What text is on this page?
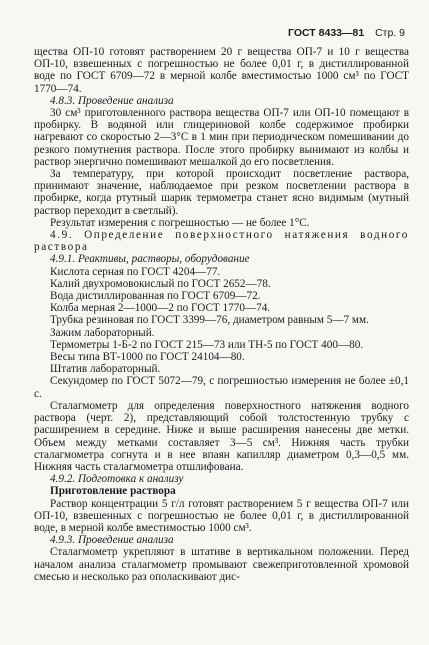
ГОСТ 8433—81 Стр. 9

щества ОП-10 готовят растворением 20 г вещества ОП-7 и 10 г вещества ОП-10, взвешенных с погрешностью не более 0,01 г, в дистиллированной воде по ГОСТ 6709—72 в мерной колбе вместимостью 1000 см³ по ГОСТ 1770—74.

4.8.3. Проведение анализа

30 см³ приготовленного раствора вещества ОП-7 или ОП-10 помещают в пробирку. В водяной или глицериновой колбе содержимое пробирки нагревают со скоростью 2—3°С в 1 мин при периодическом помешивании до резкого помутнения раствора. После этого пробирку вынимают из колбы и раствор энергично помешивают мешалкой до его посветления.

За температуру, при которой происходит посветление раствора, принимают значение, наблюдаемое при резком посветлении раствора в пробирке, когда ртутный шарик термометра станет ясно видимым (мутный раствор переходит в светлый).

Результат измерения с погрешностью — не более 1°С.

4.9. Определение поверхностного натяжения водного раствора

4.9.1. Реактивы, растворы, оборудование

Кислота серная по ГОСТ 4204—77.

Калий двухромовокислый по ГОСТ 2652—78.

Вода дистиллированная по ГОСТ 6709—72.

Колба мерная 2—1000—2 по ГОСТ 1770—74.

Трубка резиновая по ГОСТ 3399—76, диаметром равным 5—7 мм.

Зажим лабораторный.

Термометры 1-Б-2 по ГОСТ 215—73 или ТН-5 по ГОСТ 400—80.

Весы типа ВТ-1000 по ГОСТ 24104—80.

Штатив лабораторный.

Секундомер по ГОСТ 5072—79, с погрешностью измерения не более ±0,1 с.

Сталагмометр для определения поверхностного натяжения водного раствора (черт. 2), представляющий собой толстостенную трубку с расширением в середине. Ниже и выше расширения нанесены две метки. Объем между метками составляет 3—5 см³. Нижняя часть трубки сталагмометра согнута и в нее впаян капилляр диаметром 0,3—0,5 мм. Нижняя часть сталагмометра отшлифована.

4.9.2. Подготовка к анализу

Приготовление раствора

Раствор концентрации 5 г/л готовят растворением 5 г вещества ОП-7 или ОП-10, взвешенных с погрешностью не более 0,01 г, в дистиллированной воде, в мерной колбе вместимостью 1000 см³.

4.9.3. Проведение анализа

Сталагмометр укрепляют в штативе в вертикальном положении. Перед началом анализа сталагмометр промывают свежеприготовленной хромовой смесью и несколько раз ополаскивают дис-
